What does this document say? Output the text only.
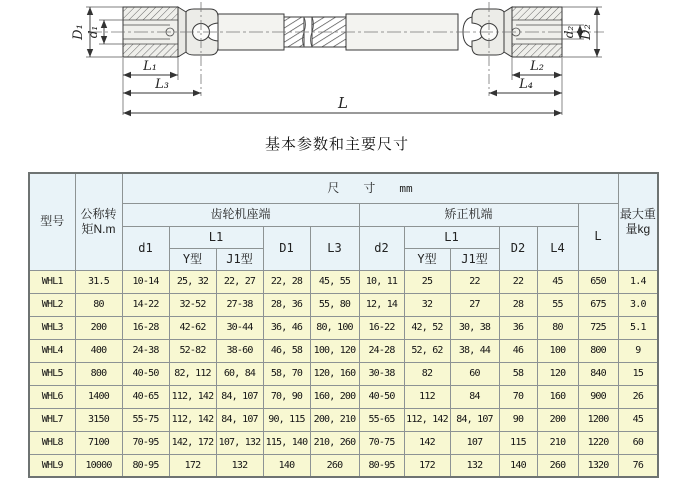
D₁ d₁	d₂ D₂
L₁
L₃
L₂
L₄
L
基本参数和主要尺寸
型号	公称转矩N.m	尺　寸 mm											最大重量kg
		齿轮机座端					矫正机端					L	
		d1	L1		D1	L3	d2	L1		D2	L4		
			Y型	J1型				Y型	J1型				
WHL1	31.5	10-14	25, 32	22, 27	22, 28	45, 55	10, 11	25	22	22	45	650	1.4
WHL2	80	14-22	32-52	27-38	28, 36	55, 80	12, 14	32	27	28	55	675	3.0
WHL3	200	16-28	42-62	30-44	36, 46	80, 100	16-22	42, 52	30, 38	36	80	725	5.1
WHL4	400	24-38	52-82	38-60	46, 58	100, 120	24-28	52, 62	38, 44	46	100	800	9
WHL5	800	40-50	82, 112	60, 84	58, 70	120, 160	30-38	82	60	58	120	840	15
WHL6	1400	40-65	112, 142	84, 107	70, 90	160, 200	40-50	112	84	70	160	900	26
WHL7	3150	55-75	112, 142	84, 107	90, 115	200, 210	55-65	112, 142	84, 107	90	200	1200	45
WHL8	7100	70-95	142, 172	107, 132	115, 140	210, 260	70-75	142	107	115	210	1220	60
WHL9	10000	80-95	172	132	140	260	80-95	172	132	140	260	1320	76
